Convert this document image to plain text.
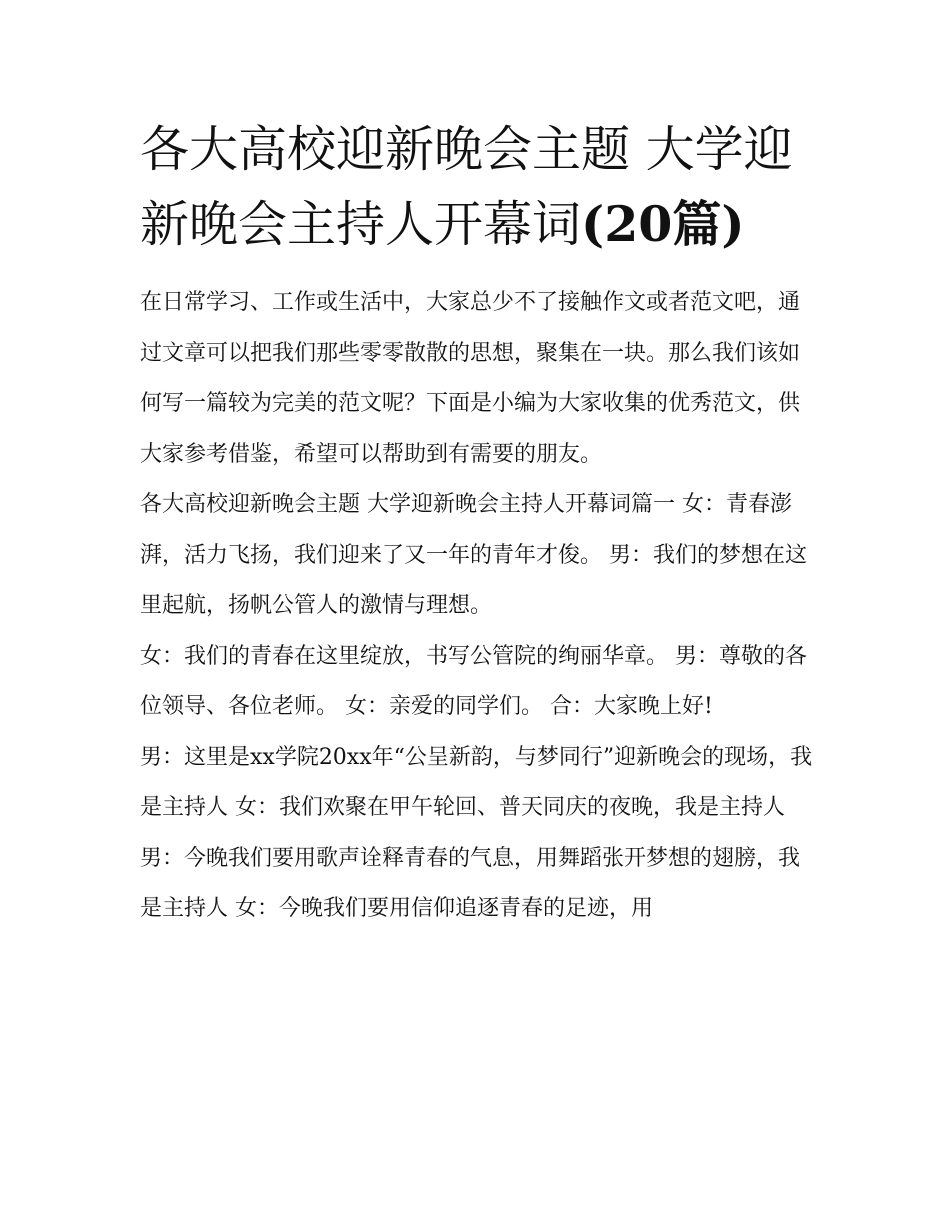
各大高校迎新晚会主题 大学迎新晚会主持人开幕词(20篇)

在日常学习、工作或生活中，大家总少不了接触作文或者范文吧，通过文章可以把我们那些零零散散的思想，聚集在一块。那么我们该如何写一篇较为完美的范文呢？下面是小编为大家收集的优秀范文，供大家参考借鉴，希望可以帮助到有需要的朋友。

各大高校迎新晚会主题 大学迎新晚会主持人开幕词篇一 女：青春澎湃，活力飞扬，我们迎来了又一年的青年才俊。 男：我们的梦想在这里起航，扬帆公管人的激情与理想。

女：我们的青春在这里绽放，书写公管院的绚丽华章。 男：尊敬的各位领导、各位老师。 女：亲爱的同学们。 合：大家晚上好!

男：这里是xx学院20xx年“公呈新韵，与梦同行”迎新晚会的现场，我是主持人 女：我们欢聚在甲午轮回、普天同庆的夜晚，我是主持人

男：今晚我们要用歌声诠释青春的气息，用舞蹈张开梦想的翅膀，我是主持人 女：今晚我们要用信仰追逐青春的足迹，用
